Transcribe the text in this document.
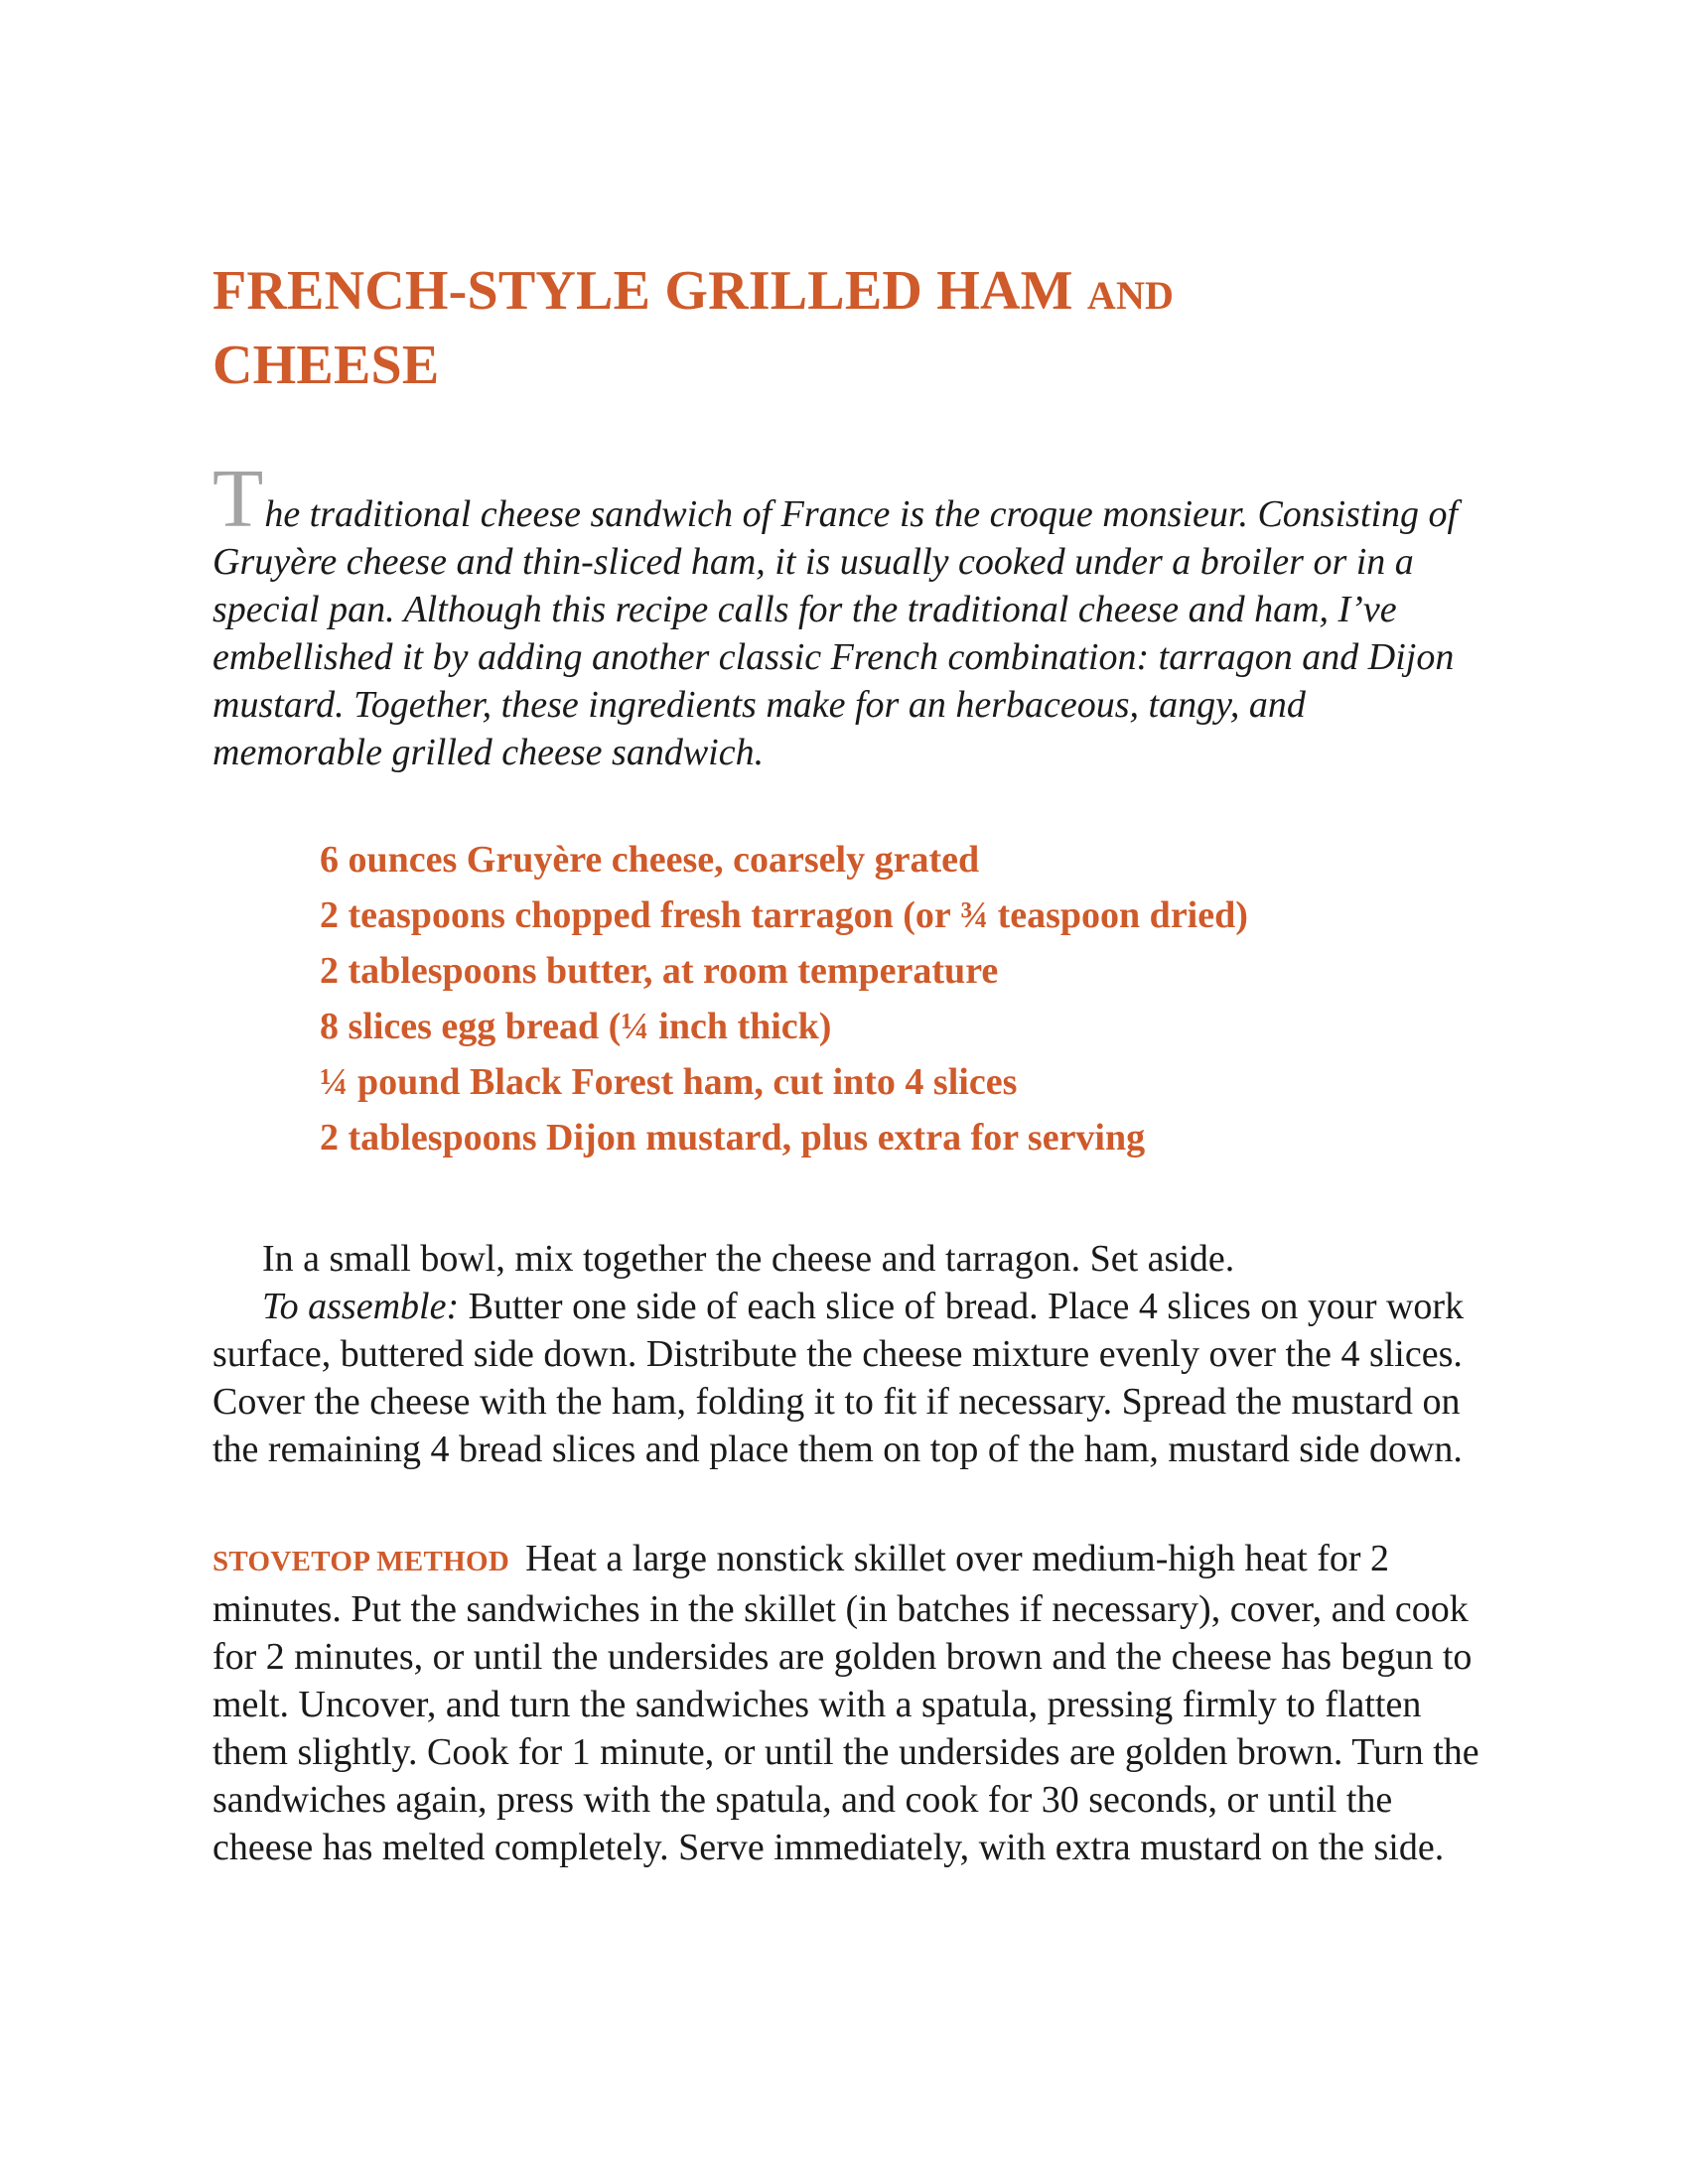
FRENCH-STYLE GRILLED HAM AND
CHEESE

The traditional cheese sandwich of France is the croque monsieur. Consisting of Gruyère cheese and thin-sliced ham, it is usually cooked under a broiler or in a special pan. Although this recipe calls for the traditional cheese and ham, I’ve embellished it by adding another classic French combination: tarragon and Dijon mustard. Together, these ingredients make for an herbaceous, tangy, and memorable grilled cheese sandwich.

6 ounces Gruyère cheese, coarsely grated
2 teaspoons chopped fresh tarragon (or ¾ teaspoon dried)
2 tablespoons butter, at room temperature
8 slices egg bread (¼ inch thick)
¼ pound Black Forest ham, cut into 4 slices
2 tablespoons Dijon mustard, plus extra for serving

In a small bowl, mix together the cheese and tarragon. Set aside.

To assemble: Butter one side of each slice of bread. Place 4 slices on your work surface, buttered side down. Distribute the cheese mixture evenly over the 4 slices. Cover the cheese with the ham, folding it to fit if necessary. Spread the mustard on the remaining 4 bread slices and place them on top of the ham, mustard side down.

STOVETOP METHOD Heat a large nonstick skillet over medium-high heat for 2 minutes. Put the sandwiches in the skillet (in batches if necessary), cover, and cook for 2 minutes, or until the undersides are golden brown and the cheese has begun to melt. Uncover, and turn the sandwiches with a spatula, pressing firmly to flatten them slightly. Cook for 1 minute, or until the undersides are golden brown. Turn the sandwiches again, press with the spatula, and cook for 30 seconds, or until the cheese has melted completely. Serve immediately, with extra mustard on the side.
